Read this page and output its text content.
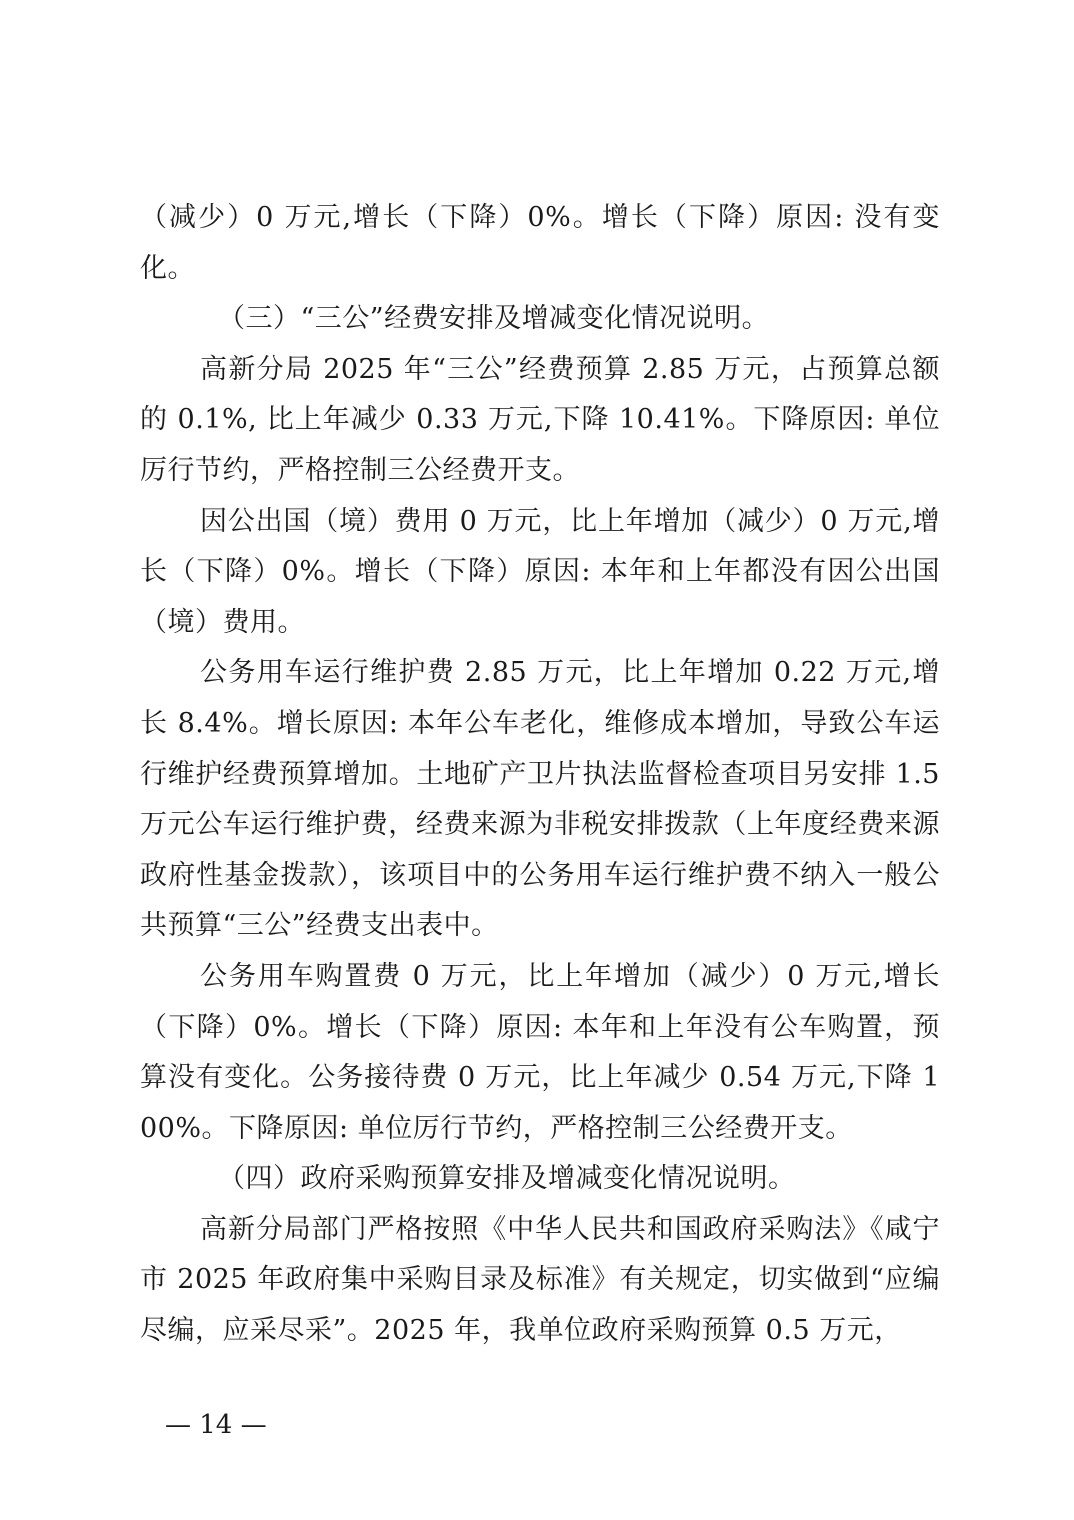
（减少）0 万元,增长（下降）0%。增长（下降）原因: 没有变化。

（三）“三公”经费安排及增减变化情况说明。

高新分局 2025 年“三公”经费预算 2.85 万元，占预算总额的 0.1%, 比上年减少 0.33 万元,下降 10.41%。下降原因: 单位厉行节约，严格控制三公经费开支。

因公出国（境）费用 0 万元，比上年增加（减少）0 万元,增长（下降）0%。增长（下降）原因: 本年和上年都没有因公出国（境）费用。

公务用车运行维护费 2.85 万元，比上年增加 0.22 万元,增长 8.4%。增长原因: 本年公车老化，维修成本增加，导致公车运行维护经费预算增加。土地矿产卫片执法监督检查项目另安排 1.5 万元公车运行维护费，经费来源为非税安排拨款（上年度经费来源政府性基金拨款），该项目中的公务用车运行维护费不纳入一般公共预算“三公”经费支出表中。

公务用车购置费 0 万元，比上年增加（减少）0 万元,增长（下降）0%。增长（下降）原因: 本年和上年没有公车购置，预算没有变化。公务接待费 0 万元，比上年减少 0.54 万元,下降 100%。下降原因: 单位厉行节约，严格控制三公经费开支。

（四）政府采购预算安排及增减变化情况说明。

高新分局部门严格按照《中华人民共和国政府采购法》《咸宁市 2025 年政府集中采购目录及标准》有关规定，切实做到“应编尽编，应采尽采”。2025 年，我单位政府采购预算 0.5 万元，

— 14 —
